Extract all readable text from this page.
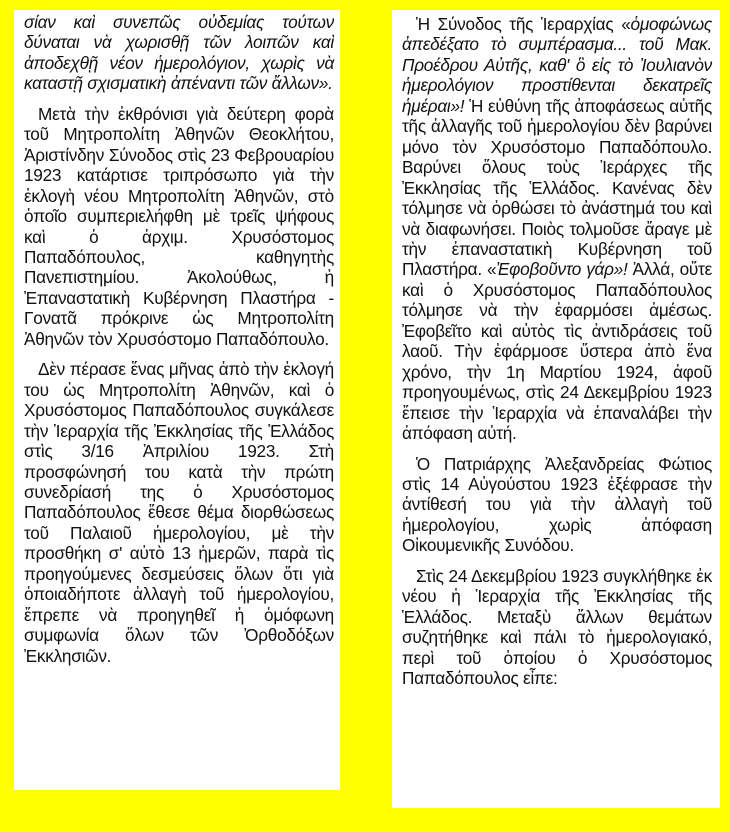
σίαν καὶ συνεπῶς οὐδεμίας τούτων δύναται νὰ χωρισθῇ τῶν λοιπῶν καὶ ἀποδεχθῇ νέον ἡμερολόγιον, χωρὶς νὰ καταστῇ σχισματικὴ ἀπέναντι τῶν ἄλλων».

Μετὰ τὴν ἐκθρόνισι γιὰ δεύτερη φορὰ τοῦ Μητροπολίτη Ἀθηνῶν Θεοκλήτου, Ἀριστίνδην Σύνοδος στὶς 23 Φεβρουαρίου 1923 κατάρτισε τριπρόσωπο γιὰ τὴν ἐκλογὴ νέου Μητροπολίτη Ἀθηνῶν, στὸ ὁποῖο συμπεριελήφθη μὲ τρεῖς ψήφους καὶ ὁ ἀρχιμ. Χρυσόστομος Παπαδόπουλος, καθηγητὴς Πανεπιστημίου. Ἀκολούθως, ἡ Ἐπαναστατικὴ Κυβέρνηση Πλαστήρα - Γονατᾶ πρόκρινε ὡς Μητροπολίτη Ἀθηνῶν τὸν Χρυσόστομο Παπαδόπουλο.

Δὲν πέρασε ἕνας μῆνας ἀπὸ τὴν ἐκλογή του ὡς Μητροπολίτη Ἀθηνῶν, καὶ ὁ Χρυσόστομος Παπαδόπουλος συγκάλεσε τὴν Ἱεραρχία τῆς Ἐκκλησίας τῆς Ἑλλάδος στὶς 3/16 Ἀπριλίου 1923. Στὴ προσφώνησή του κατὰ τὴν πρώτη συνεδρίασή της ὁ Χρυσόστομος Παπαδόπουλος ἔθεσε θέμα διορθώσεως τοῦ Παλαιοῦ ἡμερολογίου, μὲ τὴν προσθήκη σ' αὐτὸ 13 ἡμερῶν, παρὰ τὶς προηγούμενες δεσμεύσεις ὅλων ὅτι γιὰ ὁποιαδήποτε ἀλλαγὴ τοῦ ἡμερολογίου, ἔπρεπε νὰ προηγηθεῖ ἡ ὁμόφωνη συμφωνία ὅλων τῶν Ὀρθοδόξων Ἐκκλησιῶν.

Ἡ Σύνοδος τῆς Ἱεραρχίας «ὁμοφώνως ἀπεδέξατο τὸ συμπέρασμα... τοῦ Μακ. Προέδρου Αὐτῆς, καθ' ὃ εἰς τὸ Ἰουλιανὸν ἡμερολόγιον προστίθενται δεκατρεῖς ἡμέραι»! Ἡ εὐθύνη τῆς ἀποφάσεως αὐτῆς τῆς ἀλλαγῆς τοῦ ἡμερολογίου δὲν βαρύνει μόνο τὸν Χρυσόστομο Παπαδόπουλο. Βαρύνει ὅλους τοὺς Ἱεράρχες τῆς Ἐκκλησίας τῆς Ἑλλάδος. Κανένας δὲν τόλμησε νὰ ὀρθώσει τὸ ἀνάστημά του καὶ νὰ διαφωνήσει. Ποιὸς τολμοῦσε ἄραγε μὲ τὴν ἐπαναστατικὴ Κυβέρνηση τοῦ Πλαστήρα. «Ἐφοβοῦντο γάρ»! Ἀλλά, οὔτε καὶ ὁ Χρυσόστομος Παπαδόπουλος τόλμησε νὰ τὴν ἐφαρμόσει ἀμέσως. Ἐφοβεῖτο καὶ αὐτὸς τὶς ἀντιδράσεις τοῦ λαοῦ. Τὴν ἐφάρμοσε ὕστερα ἀπὸ ἕνα χρόνο, τὴν 1η Μαρτίου 1924, ἀφοῦ προηγουμένως, στὶς 24 Δεκεμβρίου 1923 ἔπεισε τὴν Ἱεραρχία νὰ ἐπαναλάβει τὴν ἀπόφαση αὐτή.

Ὁ Πατριάρχης Ἀλεξανδρείας Φώτιος στὶς 14 Αὐγούστου 1923 ἐξέφρασε τὴν ἀντίθεσή του γιὰ τὴν ἀλλαγὴ τοῦ ἡμερολογίου, χωρὶς ἀπόφαση Οἰκουμενικῆς Συνόδου.

Στὶς 24 Δεκεμβρίου 1923 συγκλήθηκε ἐκ νέου ἡ Ἱεραρχία τῆς Ἐκκλησίας τῆς Ἑλλάδος. Μεταξὺ ἄλλων θεμάτων συζητήθηκε καὶ πάλι τὸ ἡμερολογιακό, περὶ τοῦ ὁποίου ὁ Χρυσόστομος Παπαδόπουλος εἶπε:
